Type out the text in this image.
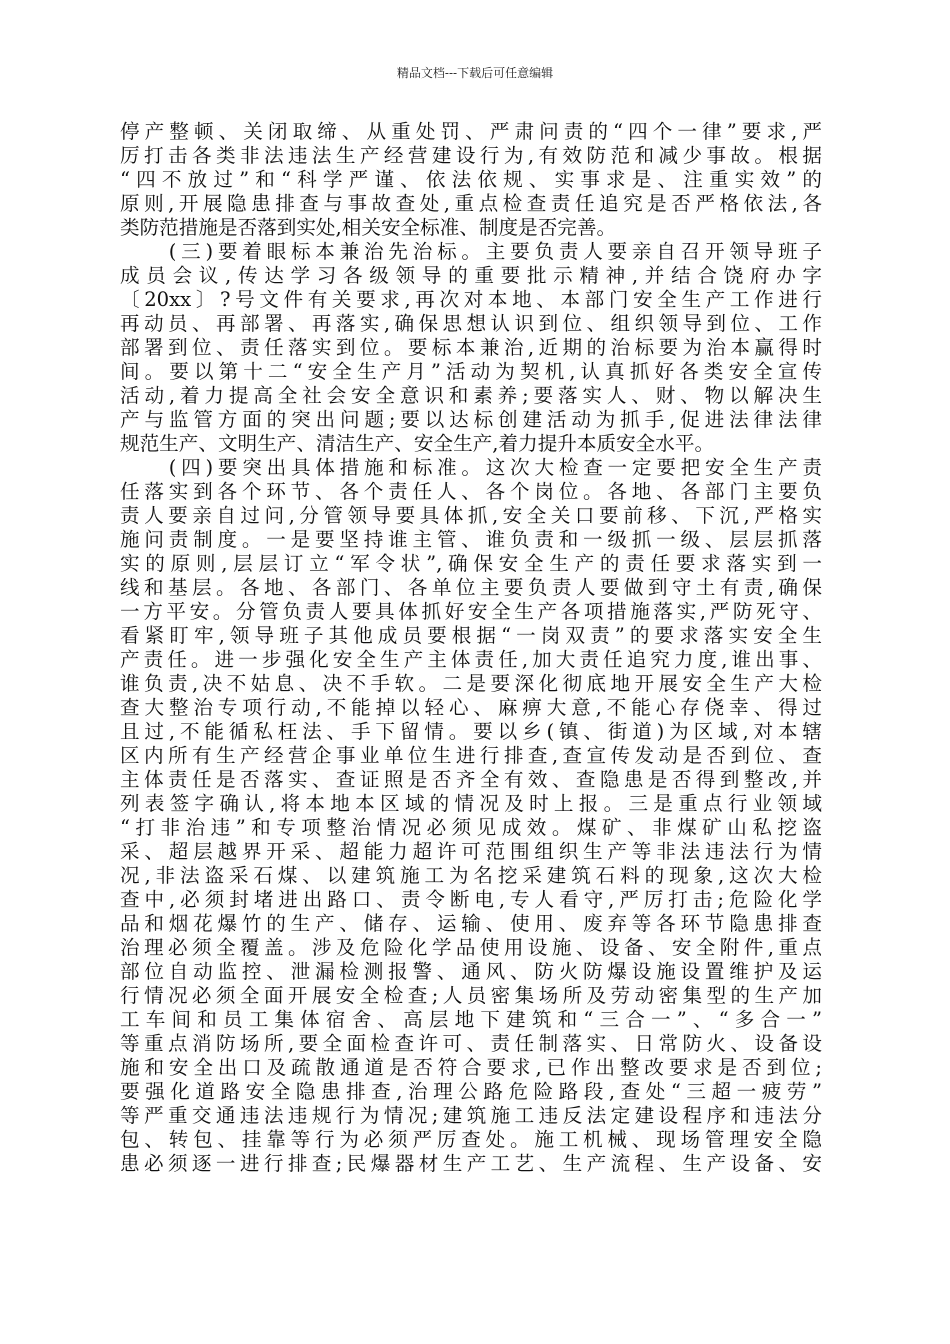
精品文档---下载后可任意编辑
停产整顿、关闭取缔、从重处罚、严肃问责的“四个一律”要求,严
厉打击各类非法违法生产经营建设行为,有效防范和减少事故。根据
“四不放过”和“科学严谨、依法依规、实事求是、注重实效”的
原则,开展隐患排查与事故查处,重点检查责任追究是否严格依法,各
类防范措施是否落到实处,相关安全标准、制度是否完善。
　　(三)要着眼标本兼治先治标。主要负责人要亲自召开领导班子
成员会议,传达学习各级领导的重要批示精神,并结合饶府办字
〔20xx〕?号文件有关要求,再次对本地、本部门安全生产工作进行
再动员、再部署、再落实,确保思想认识到位、组织领导到位、工作
部署到位、责任落实到位。要标本兼治,近期的治标要为治本赢得时
间。要以第十二“安全生产月”活动为契机,认真抓好各类安全宣传
活动,着力提高全社会安全意识和素养;要落实人、财、物以解决生
产与监管方面的突出问题;要以达标创建活动为抓手,促进法律法律
规范生产、文明生产、清洁生产、安全生产,着力提升本质安全水平。
　　(四)要突出具体措施和标准。这次大检查一定要把安全生产责
任落实到各个环节、各个责任人、各个岗位。各地、各部门主要负
责人要亲自过问,分管领导要具体抓,安全关口要前移、下沉,严格实
施问责制度。一是要坚持谁主管、谁负责和一级抓一级、层层抓落
实的原则,层层订立“军令状”,确保安全生产的责任要求落实到一
线和基层。各地、各部门、各单位主要负责人要做到守土有责,确保
一方平安。分管负责人要具体抓好安全生产各项措施落实,严防死守、
看紧盯牢,领导班子其他成员要根据“一岗双责”的要求落实安全生
产责任。进一步强化安全生产主体责任,加大责任追究力度,谁出事、
谁负责,决不姑息、决不手软。二是要深化彻底地开展安全生产大检
查大整治专项行动,不能掉以轻心、麻痹大意,不能心存侥幸、得过
且过,不能循私枉法、手下留情。要以乡(镇、街道)为区域,对本辖
区内所有生产经营企事业单位生进行排查,查宣传发动是否到位、查
主体责任是否落实、查证照是否齐全有效、查隐患是否得到整改,并
列表签字确认,将本地本区域的情况及时上报。三是重点行业领域
“打非治违”和专项整治情况必须见成效。煤矿、非煤矿山私挖盗
采、超层越界开采、超能力超许可范围组织生产等非法违法行为情
况,非法盗采石煤、以建筑施工为名挖采建筑石料的现象,这次大检
查中,必须封堵进出路口、责令断电,专人看守,严厉打击;危险化学
品和烟花爆竹的生产、储存、运输、使用、废弃等各环节隐患排查
治理必须全覆盖。涉及危险化学品使用设施、设备、安全附件,重点
部位自动监控、泄漏检测报警、通风、防火防爆设施设置维护及运
行情况必须全面开展安全检查;人员密集场所及劳动密集型的生产加
工车间和员工集体宿舍、高层地下建筑和“三合一”、“多合一”
等重点消防场所,要全面检查许可、责任制落实、日常防火、设备设
施和安全出口及疏散通道是否符合要求,已作出整改要求是否到位;
要强化道路安全隐患排查,治理公路危险路段,查处“三超一疲劳”
等严重交通违法违规行为情况;建筑施工违反法定建设程序和违法分
包、转包、挂靠等行为必须严厉查处。施工机械、现场管理安全隐
患必须逐一进行排查;民爆器材生产工艺、生产流程、生产设备、安
